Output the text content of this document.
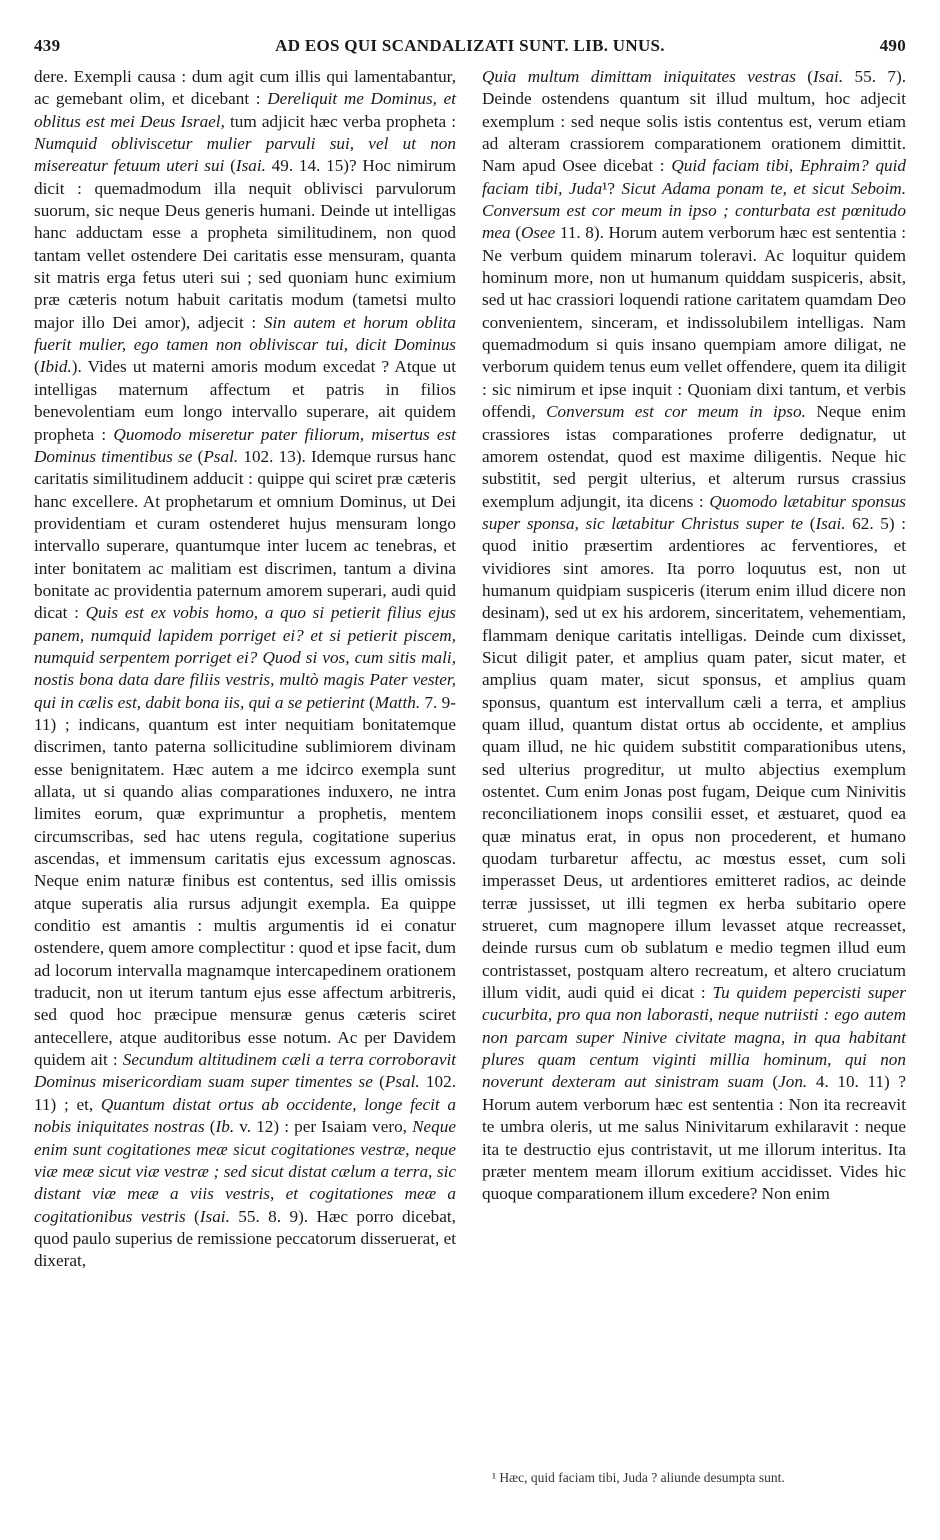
439	AD EOS QUI SCANDALIZATI SUNT. LIB. UNUS.	490

dere. Exempli causa : dum agit cum illis qui lamentabantur, ac gemebant olim, et dicebant : Dereliquit me Dominus, et oblitus est mei Deus Israel, tum adjicit hæc verba propheta : Numquid obliviscetur mulier parvuli sui, vel ut non misereatur fetuum uteri sui (Isai. 49. 14. 15)? Hoc nimirum dicit : quemadmodum illa nequit oblivisci parvulorum suorum, sic neque Deus generis humani. Deinde ut intelligas hanc adductam esse a propheta similitudinem, non quod tantam vellet ostendere Dei caritatis esse mensuram, quanta sit matris erga fetus uteri sui ; sed quoniam hunc eximium præ cæteris notum habuit caritatis modum (tametsi multo major illo Dei amor), adjecit : Sin autem et horum oblita fuerit mulier, ego tamen non obliviscar tui, dicit Dominus (Ibid.). Vides ut materni amoris modum excedat ? Atque ut intelligas maternum affectum et patris in filios benevolentiam eum longo intervallo superare, ait quidem propheta : Quomodo miseretur pater filiorum, misertus est Dominus timentibus se (Psal. 102. 13). Idemque rursus hanc caritatis similitudinem adducit : quippe qui sciret præ cæteris hanc excellere. At prophetarum et omnium Dominus, ut Dei providentiam et curam ostenderet hujus mensuram longo intervallo superare, quantumque inter lucem ac tenebras, et inter bonitatem ac malitiam est discrimen, tantum a divina bonitate ac providentia paternum amorem superari, audi quid dicat : Quis est ex vobis homo, a quo si petierit filius ejus panem, numquid lapidem porriget ei? et si petierit piscem, numquid serpentem porriget ei? Quod si vos, cum sitis mali, nostis bona data dare filiis vestris, multò magis Pater vester, qui in cælis est, dabit bona iis, qui a se petierint (Matth. 7. 9-11) ; indicans, quantum est inter nequitiam bonitatemque discrimen, tanto paterna sollicitudine sublimiorem divinam esse benignitatem. Hæc autem a me idcirco exempla sunt allata, ut si quando alias comparationes induxero, ne intra limites eorum, quæ exprimuntur a prophetis, mentem circumscribas, sed hac utens regula, cogitatione superius ascendas, et immensum caritatis ejus excessum agnoscas. Neque enim naturæ finibus est contentus, sed illis omissis atque superatis alia rursus adjungit exempla. Ea quippe conditio est amantis : multis argumentis id ei conatur ostendere, quem amore complectitur : quod et ipse facit, dum ad locorum intervalla magnamque intercapedinem orationem traducit, non ut iterum tantum ejus esse affectum arbitreris, sed quod hoc præcipue mensuræ genus cæteris sciret antecellere, atque auditoribus esse notum. Ac per Davidem quidem ait : Secundum altitudinem cæli a terra corroboravit Dominus misericordiam suam super timentes se (Psal. 102. 11) ; et, Quantum distat ortus ab occidente, longe fecit a nobis iniquitates nostras (Ib. v. 12) : per Isaiam vero, Neque enim sunt cogitationes meæ sicut cogitationes vestræ, neque viæ meæ sicut viæ vestræ ; sed sicut distat cælum a terra, sic distant viæ meæ a viis vestris, et cogitationes meæ a cogitationibus vestris (Isai. 55. 8. 9). Hæc porro dicebat, quod paulo superius de remissione peccatorum disseruerat, et dixerat,

Quia multum dimittam iniquitates vestras (Isai. 55. 7). Deinde ostendens quantum sit illud multum, hoc adjecit exemplum : sed neque solis istis contentus est, verum etiam ad alteram crassiorem comparationem orationem dimittit. Nam apud Osee dicebat : Quid faciam tibi, Ephraim? quid faciam tibi, Juda¹? Sicut Adama ponam te, et sicut Seboim. Conversum est cor meum in ipso ; conturbata est pœnitudo mea (Osee 11. 8). Horum autem verborum hæc est sententia : Ne verbum quidem minarum toleravi. Ac loquitur quidem hominum more, non ut humanum quiddam suspiceris, absit, sed ut hac crassiori loquendi ratione caritatem quamdam Deo convenientem, sinceram, et indissolubilem intelligas. Nam quemadmodum si quis insano quempiam amore diligat, ne verborum quidem tenus eum vellet offendere, quem ita diligit : sic nimirum et ipse inquit : Quoniam dixi tantum, et verbis offendi, Conversum est cor meum in ipso. Neque enim crassiores istas comparationes proferre dedignatur, ut amorem ostendat, quod est maxime diligentis. Neque hic substitit, sed pergit ulterius, et alterum rursus crassius exemplum adjungit, ita dicens : Quomodo lætabitur sponsus super sponsa, sic lætabitur Christus super te (Isai. 62. 5) : quod initio præsertim ardentiores ac ferventiores, et vividiores sint amores. Ita porro loquutus est, non ut humanum quidpiam suspiceris (iterum enim illud dicere non desinam), sed ut ex his ardorem, sinceritatem, vehementiam, flammam denique caritatis intelligas. Deinde cum dixisset, Sicut diligit pater, et amplius quam pater, sicut mater, et amplius quam mater, sicut sponsus, et amplius quam sponsus, quantum est intervallum cæli a terra, et amplius quam illud, quantum distat ortus ab occidente, et amplius quam illud, ne hic quidem substitit comparationibus utens, sed ulterius progreditur, ut multo abjectius exemplum ostentet. Cum enim Jonas post fugam, Deique cum Ninivitis reconciliationem inops consilii esset, et æstuaret, quod ea quæ minatus erat, in opus non procederent, et humano quodam turbaretur affectu, ac mœstus esset, cum soli imperasset Deus, ut ardentiores emitteret radios, ac deinde terræ jussisset, ut illi tegmen ex herba subitario opere strueret, cum magnopere illum levasset atque recreasset, deinde rursus cum ob sublatum e medio tegmen illud eum contristasset, postquam altero recreatum, et altero cruciatum illum vidit, audi quid ei dicat : Tu quidem pepercisti super cucurbita, pro qua non laborasti, neque nutriisti : ego autem non parcam super Ninive civitate magna, in qua habitant plures quam centum viginti millia hominum, qui non noverunt dexteram aut sinistram suam (Jon. 4. 10. 11) ? Horum autem verborum hæc est sententia : Non ita recreavit te umbra oleris, ut me salus Ninivitarum exhilaravit : neque ita te destructio ejus contristavit, ut me illorum interitus. Ita præter mentem meam illorum exitium accidisset. Vides hic quoque comparationem illum excedere? Non enim

¹ Hæc, quid faciam tibi, Juda ? aliunde desumpta sunt.
